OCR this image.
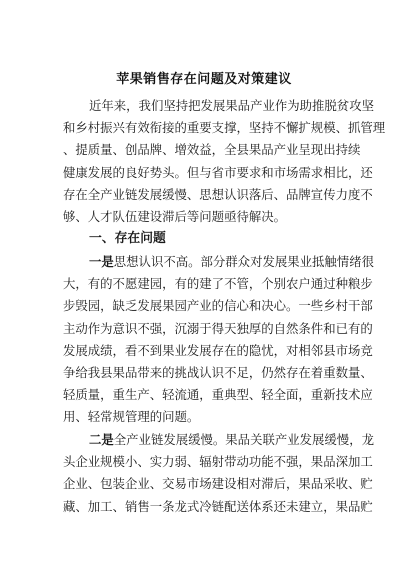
苹果销售存在问题及对策建议
近年来，我们坚持把发展果品产业作为助推脱贫攻坚
和乡村振兴有效衔接的重要支撑，坚持不懈扩规模、抓管理
、提质量、创品牌、增效益，全县果品产业呈现出持续
健康发展的良好势头。但与省市要求和市场需求相比，还
存在全产业链发展缓慢、思想认识落后、品牌宣传力度不
够、人才队伍建设滞后等问题亟待解决。
一、存在问题
一是思想认识不高。部分群众对发展果业抵触情绪很
大，有的不愿建园，有的建了不管，个别农户通过种粮步
步毁园，缺乏发展果园产业的信心和决心。一些乡村干部
主动作为意识不强，沉溺于得天独厚的自然条件和已有的
发展成绩，看不到果业发展存在的隐忧，对相邻县市场竞
争给我县果品带来的挑战认识不足，仍然存在着重数量、
轻质量，重生产、轻流通，重典型、轻全面，重新技术应
用、轻常规管理的问题。
二是全产业链发展缓慢。果品关联产业发展缓慢，龙
头企业规模小、实力弱、辐射带动功能不强，果品深加工
企业、包装企业、交易市场建设相对滞后，果品采收、贮
藏、加工、销售一条龙式冷链配送体系还未建立，果品贮
